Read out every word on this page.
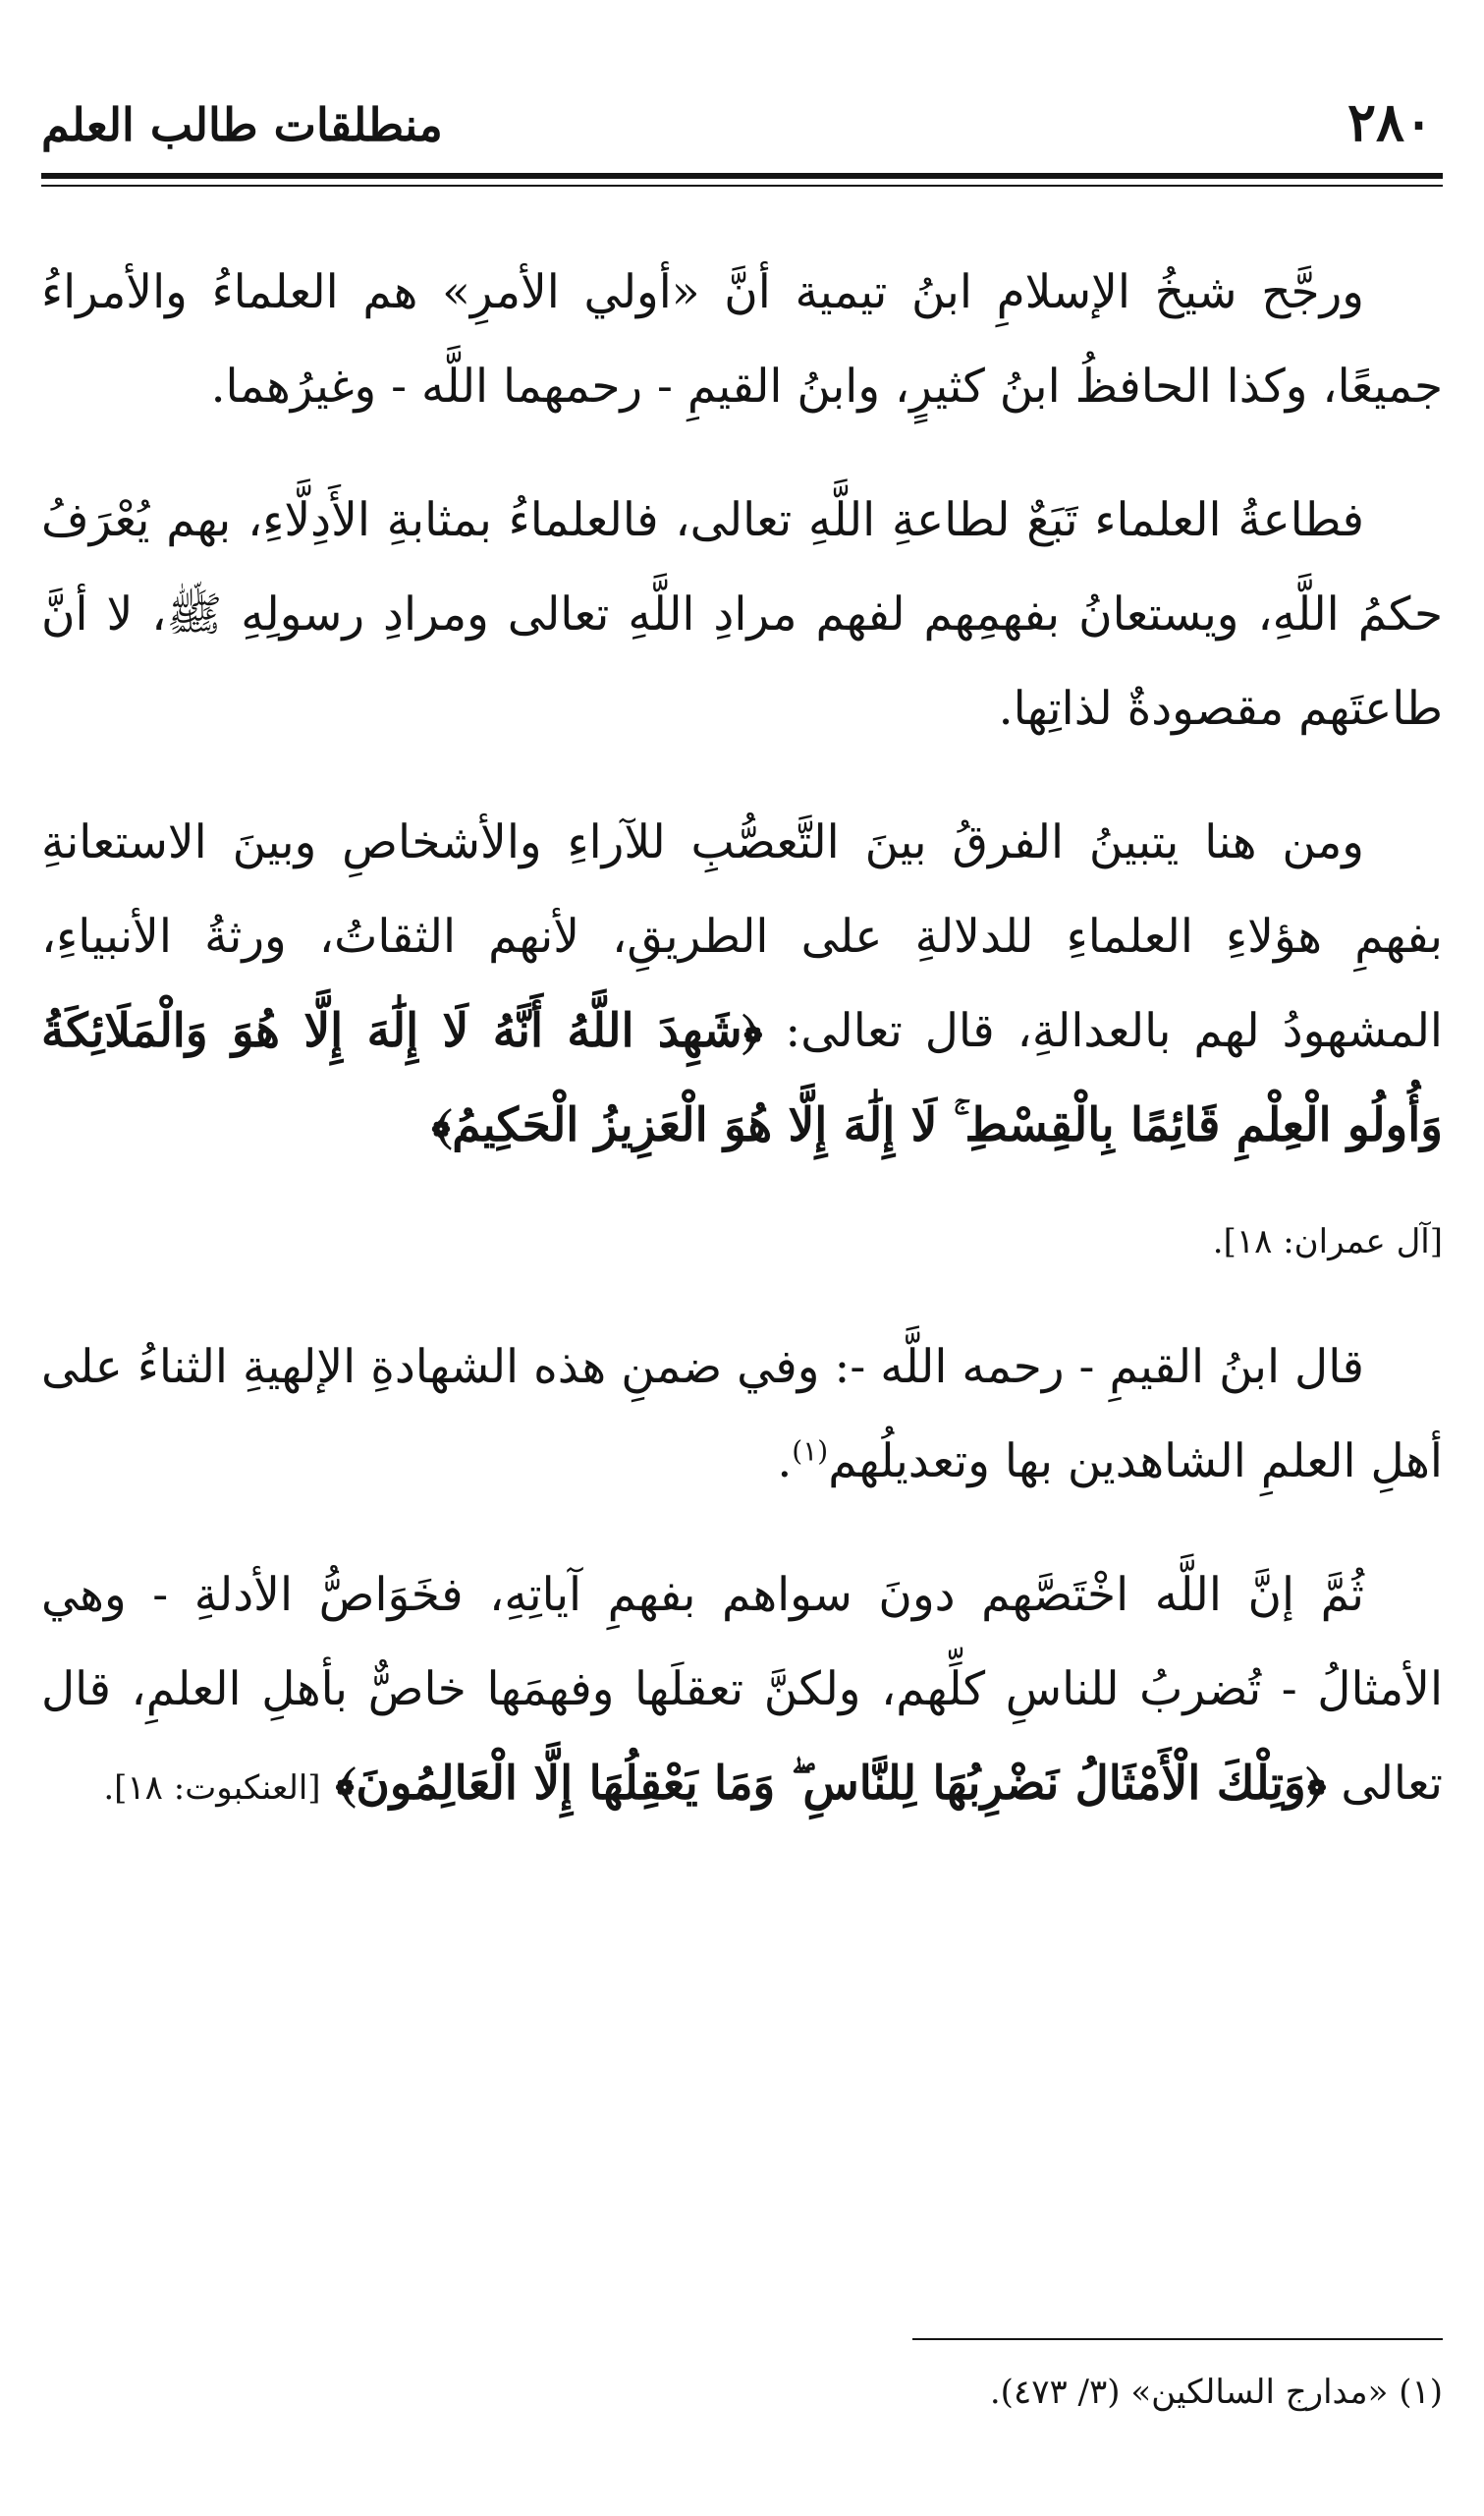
منطلقات طالب العلم	٢٨٠

ورجَّح شيخُ الإسلامِ ابنُ تيمية أنَّ «أولي الأمرِ» هم العلماءُ والأمراءُ جميعًا، وكذا الحافظُ ابنُ كثيرٍ، وابنُ القيمِ - رحمهما اللَّه - وغيرُهما.

فطاعةُ العلماء تَبَعٌ لطاعةِ اللَّهِ تعالى، فالعلماءُ بمثابةِ الأَدِلَّاءِ، بهم يُعْرَفُ حكمُ اللَّهِ، ويستعانُ بفهمِهم لفهم مرادِ اللَّهِ تعالى ومرادِ رسولِهِ ﷺ، لا أنَّ طاعتَهم مقصودةٌ لذاتِها.

ومن هنا يتبينُ الفرقُ بينَ التَّعصُّبِ للآراءِ والأشخاصِ وبينَ الاستعانةِ بفهمِ هؤلاءِ العلماءِ للدلالةِ على الطريقِ، لأنهم الثقاتُ، ورثةُ الأنبياءِ، المشهودُ لهم بالعدالةِ، قال تعالى: ﴿شَهِدَ اللَّهُ أَنَّهُ لَا إِلَٰهَ إِلَّا هُوَ وَالْمَلَائِكَةُ وَأُولُو الْعِلْمِ قَائِمًا بِالْقِسْطِ ۚ لَا إِلَٰهَ إِلَّا هُوَ الْعَزِيزُ الْحَكِيمُ﴾

[آل عمران: ١٨].

قال ابنُ القيمِ - رحمه اللَّه -: وفي ضمنِ هذه الشهادةِ الإلهيةِ الثناءُ على أهلِ العلمِ الشاهدين بها وتعديلُهم$^{(١)}$.

ثُمَّ إنَّ اللَّه اخْتَصَّهم دونَ سواهم بفهمِ آياتِهِ، فخَوَاصُّ الأدلةِ - وهي الأمثالُ - تُضربُ للناسِ كلِّهم، ولكنَّ تعقلَها وفهمَها خاصٌّ بأهلِ العلمِ، قال تعالى ﴿وَتِلْكَ الْأَمْثَالُ نَضْرِبُهَا لِلنَّاسِ ۖ وَمَا يَعْقِلُهَا إِلَّا الْعَالِمُونَ﴾ [العنكبوت: ١٨].

(١) «مدارج السالكين» (٣/ ٤٧٣).
